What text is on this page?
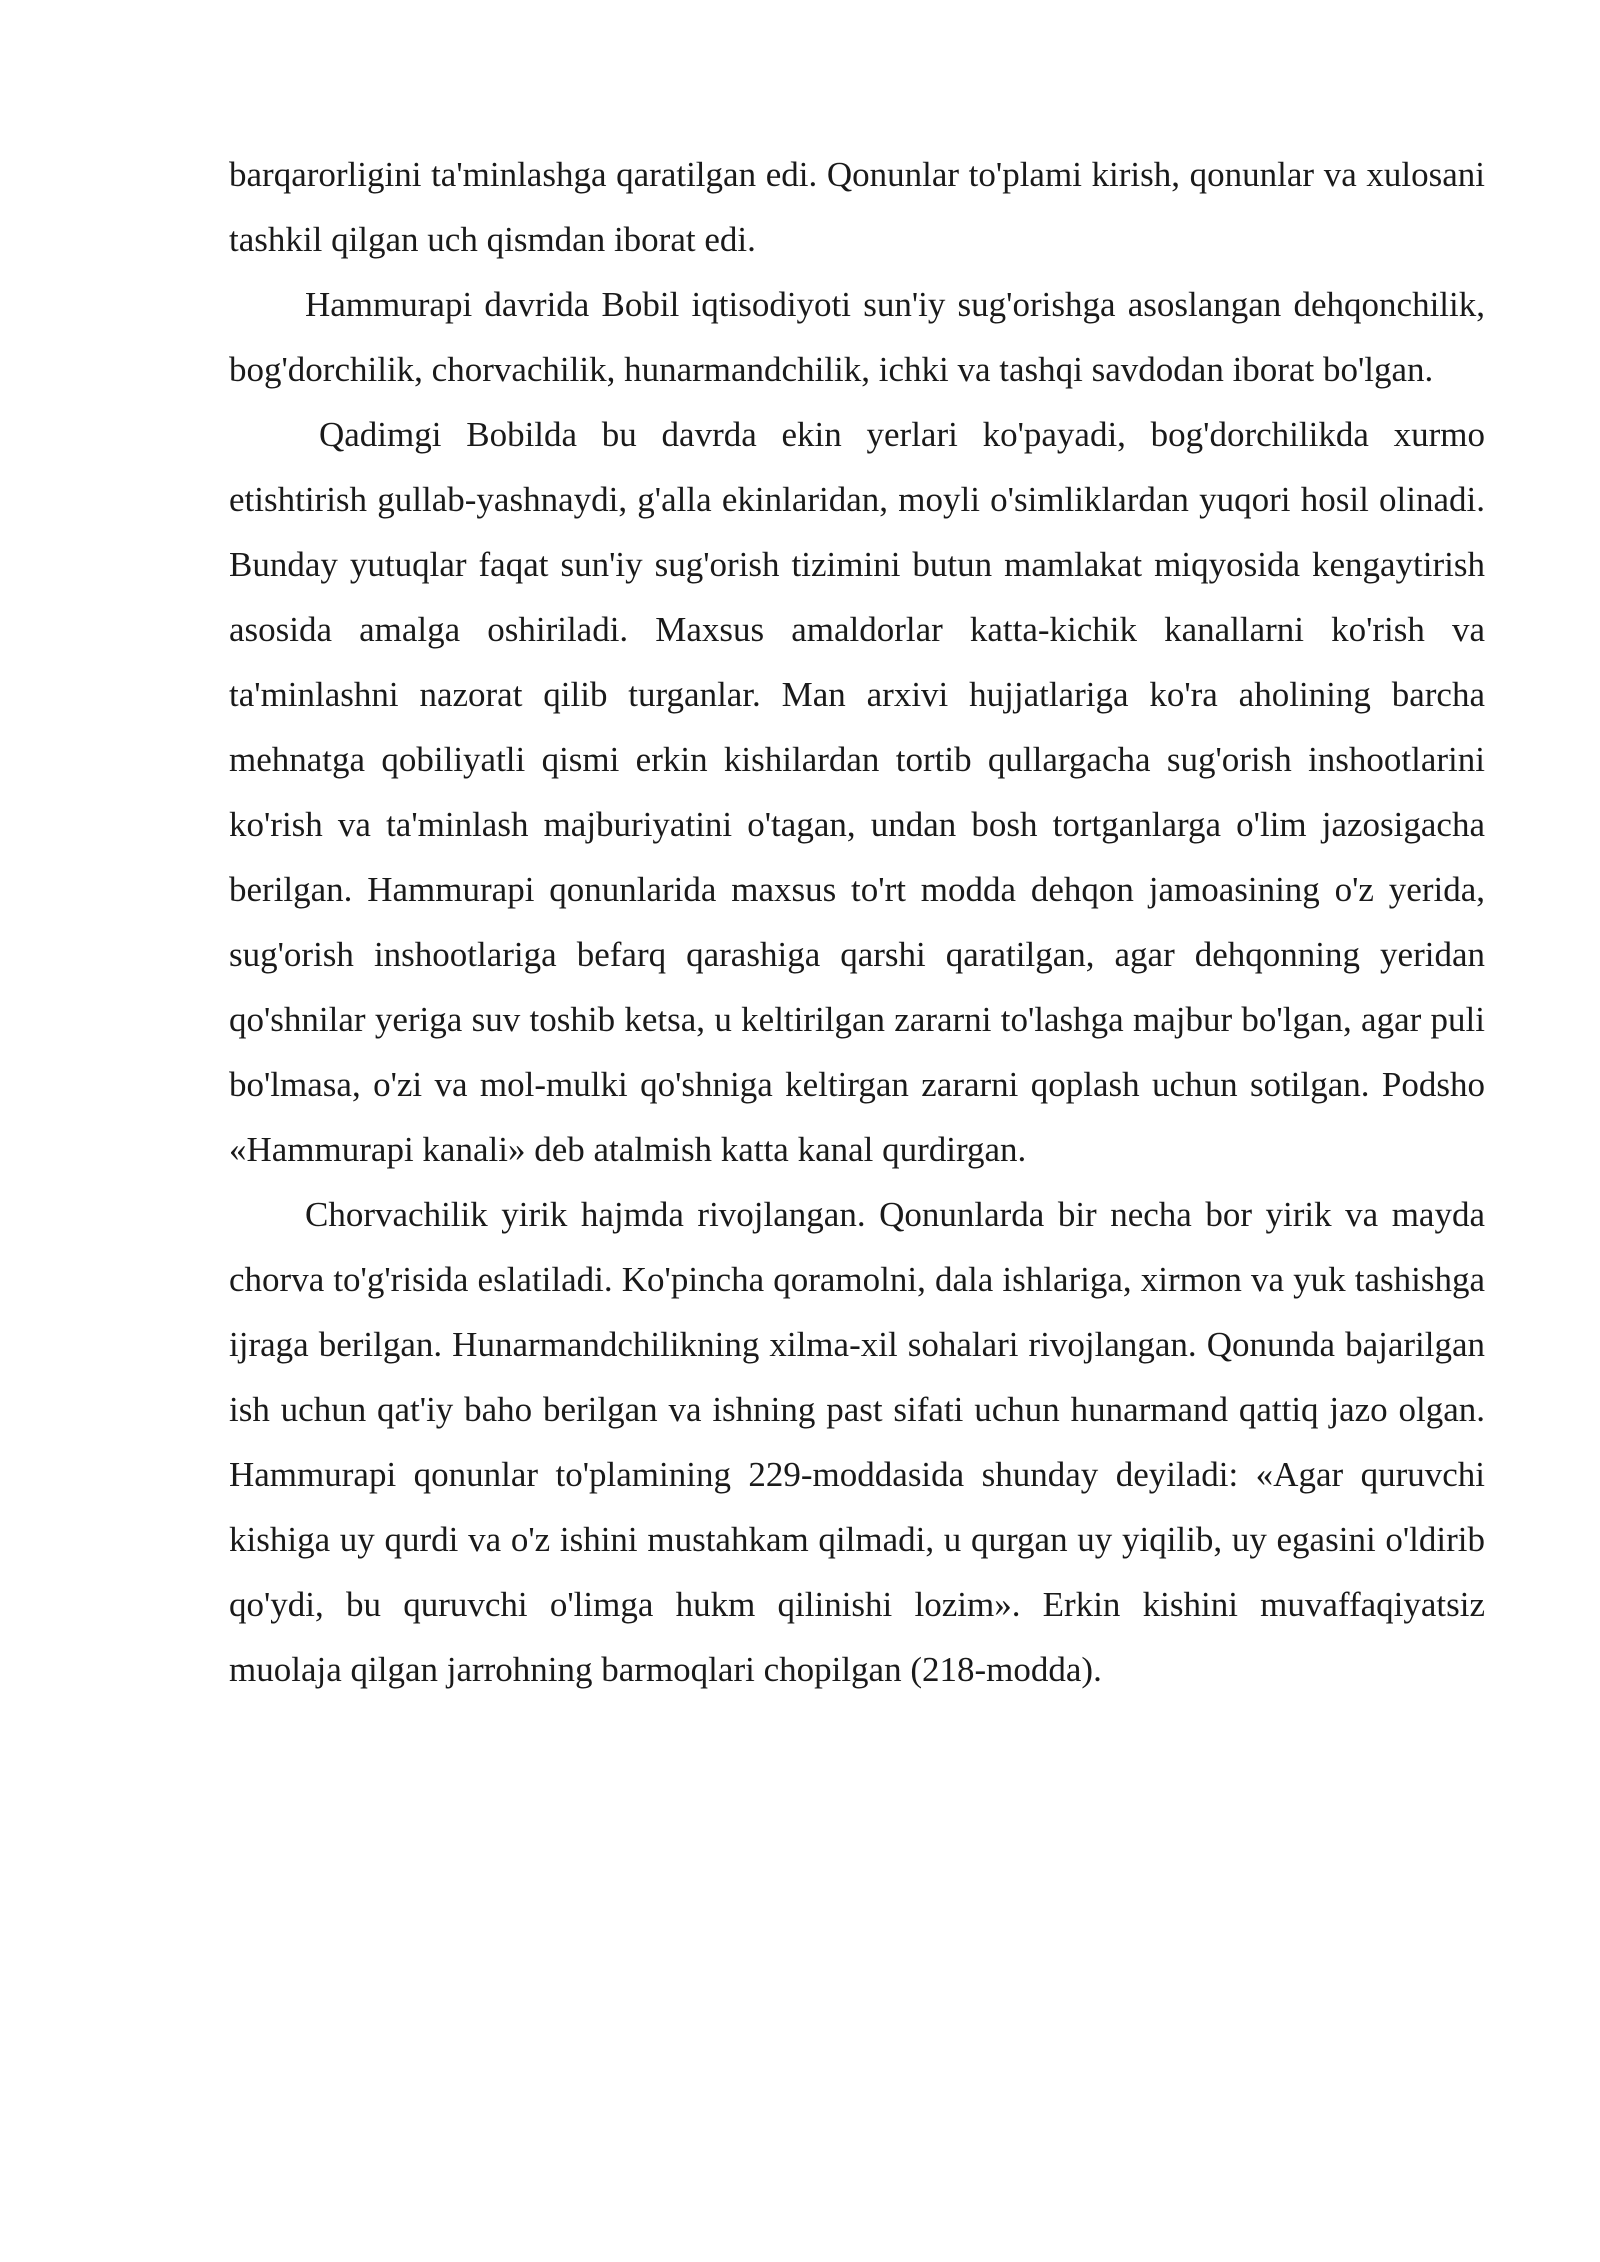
barqarorligini ta'minlashga qaratilgan edi. Qonunlar to'plami kirish, qonunlar va xulosani tashkil qilgan uch qismdan iborat edi.

Hammurapi davrida Bobil iqtisodiyoti sun'iy sug'orishga asoslangan dehqonchilik, bog'dorchilik, chorvachilik, hunarmandchilik, ichki va tashqi savdodan iborat bo'lgan.

Qadimgi Bobilda bu davrda ekin yerlari ko'payadi, bog'dorchilikda xurmo etishtirish gullab-yashnaydi, g'alla ekinlaridan, moyli o'simliklardan yuqori hosil olinadi. Bunday yutuqlar faqat sun'iy sug'orish tizimini butun mamlakat miqyosida kengaytirish asosida amalga oshiriladi. Maxsus amaldorlar katta-kichik kanallarni ko'rish va ta'minlashni nazorat qilib turganlar. Man arxivi hujjatlariga ko'ra aholining barcha mehnatga qobiliyatli qismi erkin kishilardan tortib qullargacha sug'orish inshootlarini ko'rish va ta'minlash majburiyatini o'tagan, undan bosh tortganlarga o'lim jazosigacha berilgan. Hammurapi qonunlarida maxsus to'rt modda dehqon jamoasining o'z yerida, sug'orish inshootlariga befarq qarashiga qarshi qaratilgan, agar dehqonning yeridan qo'shnilar yeriga suv toshib ketsa, u keltirilgan zararni to'lashga majbur bo'lgan, agar puli bo'lmasa, o'zi va mol-mulki qo'shniga keltirgan zararni qoplash uchun sotilgan. Podsho «Hammurapi kanali» deb atalmish katta kanal qurdirgan.

Chorvachilik yirik hajmda rivojlangan. Qonunlarda bir necha bor yirik va mayda chorva to'g'risida eslatiladi. Ko'pincha qoramolni, dala ishlariga, xirmon va yuk tashishga ijraga berilgan. Hunarmandchilikning xilma-xil sohalari rivojlangan. Qonunda bajarilgan ish uchun qat'iy baho berilgan va ishning past sifati uchun hunarmand qattiq jazo olgan. Hammurapi qonunlar to'plamining 229-moddasida shunday deyiladi: «Agar quruvchi kishiga uy qurdi va o'z ishini mustahkam qilmadi, u qurgan uy yiqilib, uy egasini o'ldirib qo'ydi, bu quruvchi o'limga hukm qilinishi lozim». Erkin kishini muvaffaqiyatsiz muolaja qilgan jarrohning barmoqlari chopilgan (218-modda).
